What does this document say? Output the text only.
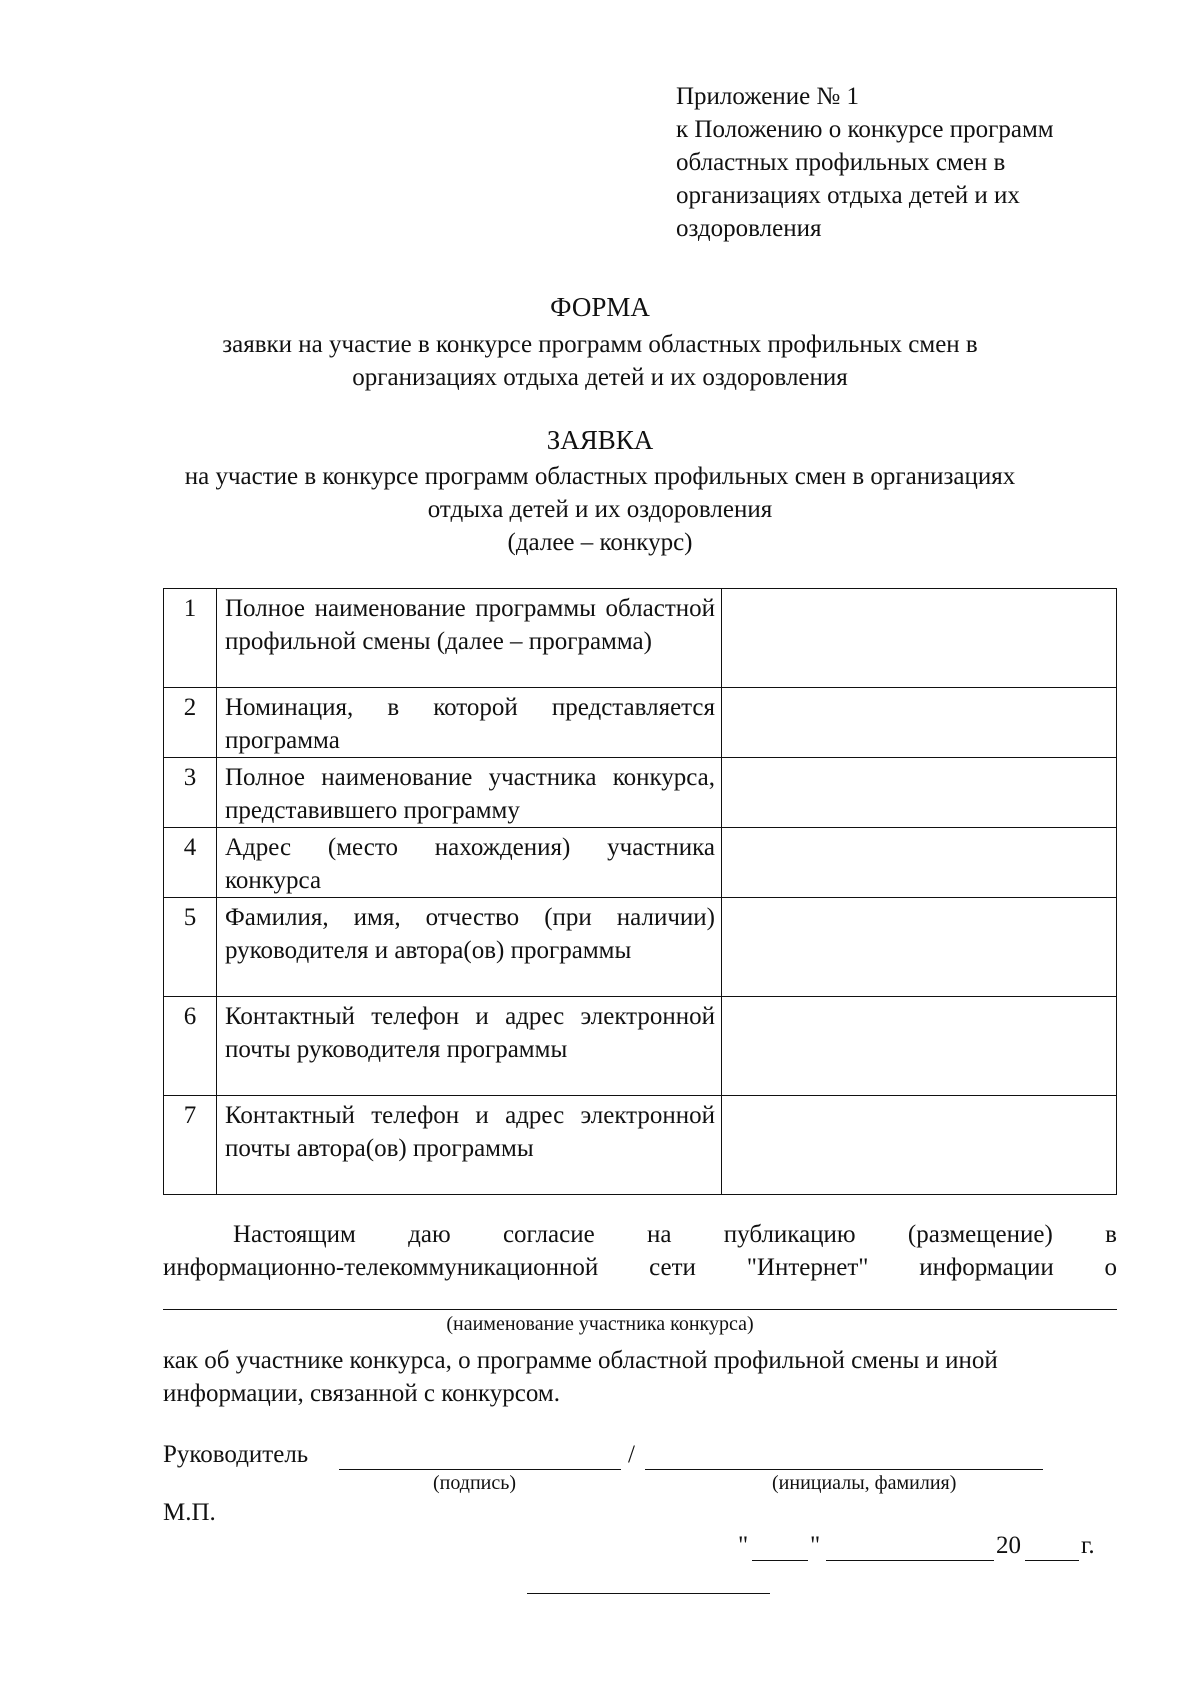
Приложение № 1
к Положению о конкурсе программ
областных профильных смен в
организациях отдыха детей и их
оздоровления
ФОРМА
заявки на участие в конкурсе программ областных профильных смен в
организациях отдыха детей и их оздоровления
ЗАЯВКА
на участие в конкурсе программ областных профильных смен в организациях
отдыха детей и их оздоровления
(далее – конкурс)
1	Полное наименование программы областной профильной смены (далее – программа)	
2	Номинация, в которой представляется программа	
3	Полное наименование участника конкурса, представившего программу	
4	Адрес (место нахождения) участника конкурса	
5	Фамилия, имя, отчество (при наличии) руководителя и автора(ов) программы	
6	Контактный телефон и адрес электронной почты руководителя программы	
7	Контактный телефон и адрес электронной почты автора(ов) программы	
Настоящим даю согласие на публикацию (размещение) в
информационно-телекоммуникационной сети "Интернет" информации о
(наименование участника конкурса)
как об участнике конкурса, о программе областной профильной смены и иной
информации, связанной с конкурсом.
Руководитель	/
(подпись)	(инициалы, фамилия)
М.П.
" "	20 г.
